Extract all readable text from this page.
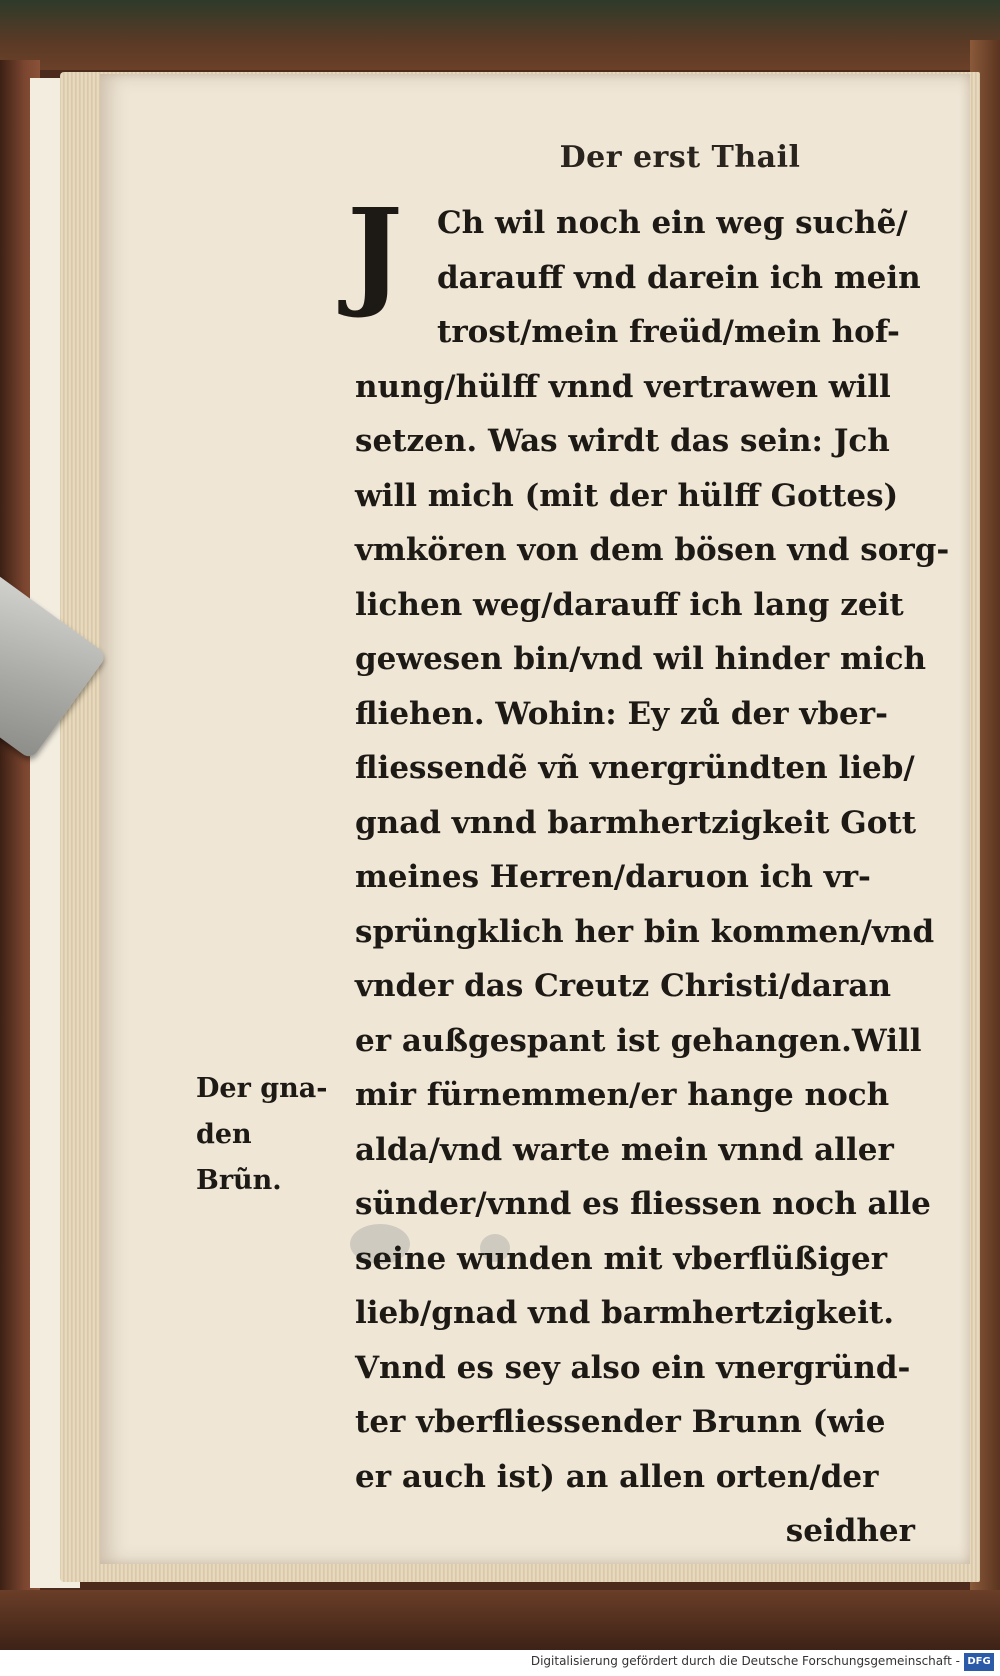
Der erst Thail
J	Ch wil noch ein weg suchẽ/
darauff vnd darein ich mein
trost/mein freüd/mein hof-
nung/hülff vnnd vertrawen will
setzen. Was wirdt das sein: Jch
will mich (mit der hülff Gottes)
vmkören von dem bösen vnd sorg-
lichen weg/darauff ich lang zeit
gewesen bin/vnd wil hinder mich
fliehen. Wohin: Ey zů der vber-
fliessendẽ vñ vnergründten lieb/
gnad vnnd barmhertzigkeit Gott
meines Herren/daruon ich vr-
sprüngklich her bin kommen/vnd
vnder das Creutz Christi/daran
er außgespant ist gehangen.Will
mir fürnemmen/er hange noch
alda/vnd warte mein vnnd aller
sünder/vnnd es fliessen noch alle
seine wunden mit vberflüßiger
lieb/gnad vnd barmhertzigkeit.
Vnnd es sey also ein vnergründ-
ter vberfliessender Brunn (wie
er auch ist) an allen orten/der
seidher
Der gna-
den Brũn.
Digitalisierung gefördert durch die Deutsche Forschungsgemeinschaft - DFG
